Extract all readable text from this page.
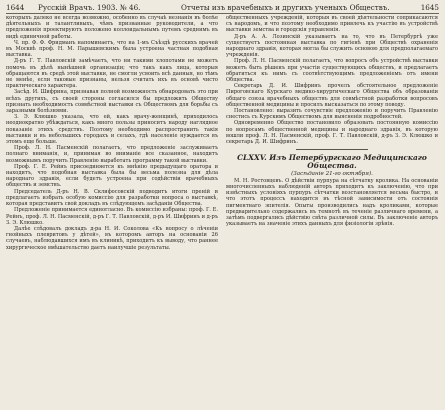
1644 Русскій Врачъ. 1903. № 46.	Отчеты изъ врачебныхъ и другихъ ученыхъ Обществъ.	1645

которыхъ далеко не всегда возможно, особенно въ случаѣ незнанія въ болѣе дѣятельныхъ и талантливыхъ, чѣмъ призванные руководители, а что предложенія проектируютъ положено коллоидальнымъ путемъ среднимъ въ видѣ единичной работы.

Ч. пр. Ф. Ф. Фридманъ напоминаетъ, что на 1-мъ Съѣздѣ русскихъ врачей въ Москвѣ проф. Н. М. Парышевскимъ была устроена частная подобная выставка.

Д-ръ Г. Т. Павловскій замѣчаетъ, что ни такими хлопотами не можетъ помочь въ дѣлѣ нынѣшней организаціи; что такъ какъ лица, которыя обращаются въ средѣ этой выставки, не смогли усвоить всѣ данныя, но тѣмъ не менѣе, если таковые признаны, нельзя считать ихъ въ основѣ чисто практическаго характера.

Засѣд. И. Шифрина, признавая полной возможность обнародовать это при всѣхъ другихъ, съ своей стороны согласился бы предложить Обществу признать необходимость совмѣстной выставки съ Обществомъ для борьбы съ заразными болѣзнями.

З. Э. Клюшко указала, что ей, какъ врачу-женщинѣ, приходилось неоднократно убѣждаться, какъ много пользы приноситъ народу наглядное показаніе этихъ средствъ. Поэтому необходимо распространить такія выставки и въ небольшихъ городахъ и селахъ, гдѣ населеніе нуждается въ этомъ еще больше.

Проф. Л. Н. Пасменскій полагаетъ, что предложеніе заслуживаетъ полнаго вниманія, и, принимая во вниманіе все сказанное, находитъ возможнымъ поручить Правленію выработать программу такой выставки.

Проф. Г. Е. Рейнъ присоединяется къ мнѣнію предыдущаго оратора и находитъ, что подобная выставка была бы весьма полезна для дѣла народнаго здравія, если будетъ устроена при содѣйствіи врачебныхъ обществъ и земствъ.

Председатель Д-ръ Н. В. Склифосовскій подводитъ итоги преній и предлагаетъ избрать особую комиссію для разработки вопроса о выставкѣ, которая представитъ свой докладъ въ слѣдующемъ засѣданіи Общества.

Предложеніе принимается единогласно. Въ комиссію избраны: проф. Г. Е. Рейнъ, проф. Л. Н. Пасменскій, д-ръ Г. Т. Павловскій, д-ръ И. Шифринъ и д-ръ З. Э. Клюшко.

Далѣе слѣдовалъ докладъ д-ра Н. И. Соколова «Къ вопросу о лѣченіи гнойныхъ плевритовъ у дѣтей», въ которомъ авторъ на основаніи 26 случаевъ, наблюдавшихся имъ въ клиникѣ, приходитъ къ выводу, что раннее хирургическое вмѣшательство даетъ наилучшіе результаты.

общественныхъ учрежденій, которыя въ своей дѣятельности соприкасаются съ народомъ, и что поэтому необходимо привлечь къ участію въ устройствѣ выставки земства и городскія управленія.

Д-ръ А. А. Лозинскій указываетъ на то, что въ Петербургѣ уже существуетъ постоянная выставка по гигіенѣ при Обществѣ охраненія народнаго здравія, которая могла бы служить основою для предполагаемаго учрежденія.

Проф. Л. Н. Пасменскій полагаетъ, что вопросъ объ устройствѣ выставки можетъ быть рѣшенъ при участіи существующихъ обществъ, и предлагаетъ обратиться къ нимъ съ соотвѣтствующимъ предложеніемъ отъ имени Общества.

Секретарь Д. И. Шифринъ прочелъ обстоятельное предложеніе Пироговскаго Курскаго медико-хирургическаго Общества объ образованіи общаго союза врачебныхъ обществъ для совмѣстной разработки вопросовъ общественной медицины и просилъ высказаться по этому поводу.

Постановлено: выразить сочувствіе предложенію и поручить Правленію снестись съ Курскимъ Обществомъ для выясненія подробностей.

Одновременно Общество постановило образовать постоянную комиссію по вопросамъ общественной медицины и народнаго здравія, въ которую вошли проф. Л. Н. Пасменскій, проф. Г. Т. Павловскій, д-ръ З. Э. Клюшко и секретарь Д. И. Шифринъ.

CLXXV. Изъ Петербургскаго Медицинскаго Общества.
(Засѣданіе 21-го октября).

М. Н. Ростовцевъ. О дѣйствіи пурпура на сѣтчатку кролика. На основаніи многочисленныхъ наблюденій авторъ приходитъ къ заключенію, что при извѣстныхъ условіяхъ пурпуръ сѣтчатки возстановляется весьма быстро, и что этотъ процессъ находится въ тѣсной зависимости отъ состоянія пигментнаго эпителія. Опыты производились надъ кроликами, которые предварительно содержались въ темнотѣ въ теченіе различнаго времени, а затѣмъ подвергались дѣйствію свѣта различной силы. Въ заключеніе авторъ указываетъ на значеніе этихъ данныхъ для физіологіи зрѣнія.
